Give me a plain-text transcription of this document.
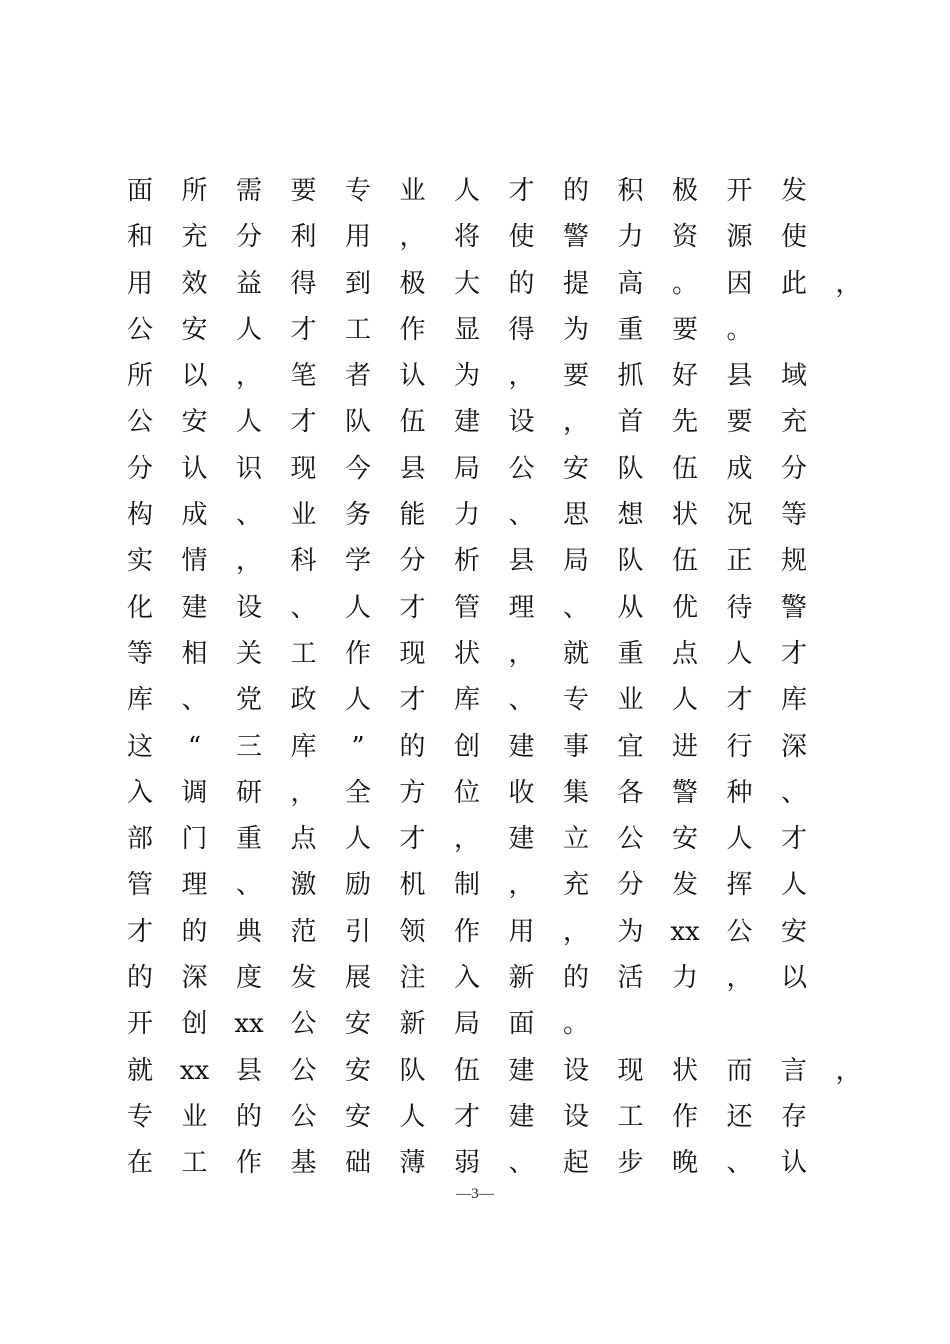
面 所 需 要 专 业 人 才 的 积 极 开 发
和 充 分 利 用 ， 将 使 警 力 资 源 使
用 效 益 得 到 极 大 的 提 高 。 因 此 ，
公 安 人 才 工 作 显 得 为 重 要 。
所 以 ， 笔 者 认 为 ， 要 抓 好 县 域
公 安 人 才 队 伍 建 设 ， 首 先 要 充
分 认 识 现 今 县 局 公 安 队 伍 成 分
构 成 、 业 务 能 力 、 思 想 状 况 等
实 情 ， 科 学 分 析 县 局 队 伍 正 规
化 建 设 、 人 才 管 理 、 从 优 待 警
等 相 关 工 作 现 状 ， 就 重 点 人 才
库 、 党 政 人 才 库 、 专 业 人 才 库
这	“	三 库	”	的 创 建 事 宜 进 行 深
入 调 研 ， 全 方 位 收 集 各 警 种 、
部 门 重 点 人 才 ， 建 立 公 安 人 才
管 理 、 激 励 机 制 ， 充 分 发 挥 人
才 的 典 范 引 领 作 用 ， 为 xx 公 安
的 深 度 发 展 注 入 新 的 活 力 ， 以
开 创 xx 公 安 新 局 面 。
就 xx 县 公 安 队 伍 建 设 现 状 而 言 ，
专 业 的 公 安 人 才 建 设 工 作 还 存
在 工 作 基 础 薄 弱 、 起 步 晚 、 认
—3—
